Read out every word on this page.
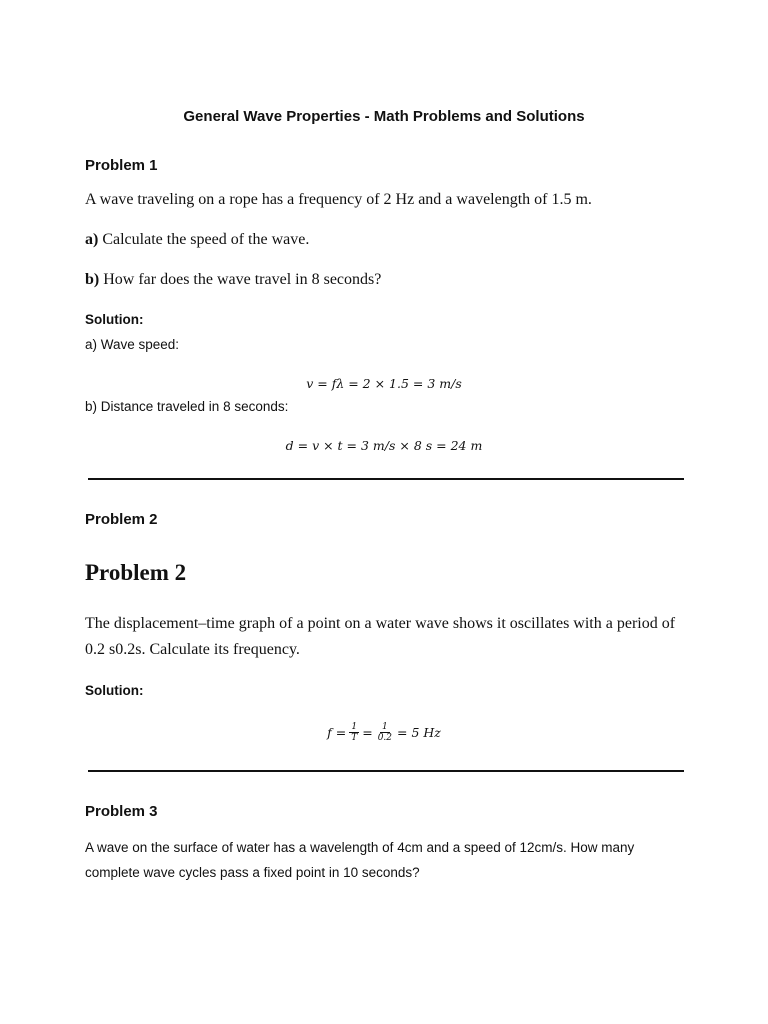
General Wave Properties - Math Problems and Solutions
Problem 1
A wave traveling on a rope has a frequency of 2 Hz and a wavelength of 1.5 m.
a) Calculate the speed of the wave.
b) How far does the wave travel in 8 seconds?
Solution:
a) Wave speed:
v = fλ = 2 × 1.5 = 3 m/s
b) Distance traveled in 8 seconds:
d = v × t = 3 m/s × 8 s = 24 m
Problem 2
Problem 2
The displacement–time graph of a point on a water wave shows it oscillates with a period of 0.2 s0.2s. Calculate its frequency.
Solution:
$f = \frac{1}{T} = \frac{1}{0.2} = 5$ Hz
Problem 3
A wave on the surface of water has a wavelength of 4cm and a speed of 12cm/s. How many complete wave cycles pass a fixed point in 10 seconds?
